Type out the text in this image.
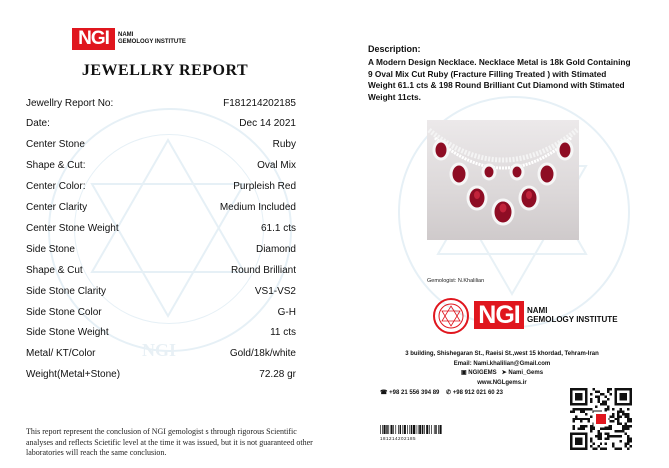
NGI
NGI	NAMI
GEMOLOGY INSTITUTE
JEWELLRY REPORT
Jewellry Report No:	F181214202185
Date:	Dec 14 2021
Center Stone	Ruby
Shape & Cut:	Oval Mix
Center Color:	Purpleish Red
Center Clarity	Medium Included
Center Stone Weight	61.1 cts
Side Stone	Diamond
Shape & Cut	Round Brilliant
Side Stone Clarity	VS1-VS2
Side Stone Color	G-H
Side Stone Weight	11 cts
Metal/ KT/Color	Gold/18k/white
Weight(Metal+Stone)	72.28 gr
This report represent the conclusion of NGI gemologist s through rigorous Scientific analyses and reflects Scietific level at the time it was issued, but it is not guaranteed other laboratories will reach the same conclusion.
Description:
A Modern Design Necklace. Necklace Metal is 18k Gold Containing 9 Oval Mix Cut Ruby (Fracture Filling Treated ) with Stimated Weight 61.1 cts & 198 Round Brilliant Cut Diamond with Stimated Weight 11cts.
Gemologist: N.Khalilian
NGI NAMI
GEMOLOGY INSTITUTE
3 building, Shishegaran St., Raeisi St.,west 15 khordad, Tehram-Iran
Email: Nami.khalilian@Gmail.com
▣ NGIGEMS ➤ Nami_Gems
www.NGLgems.ir
☎ +98 21 556 394 89 ✆ +98 912 021 60 23
181214202185
